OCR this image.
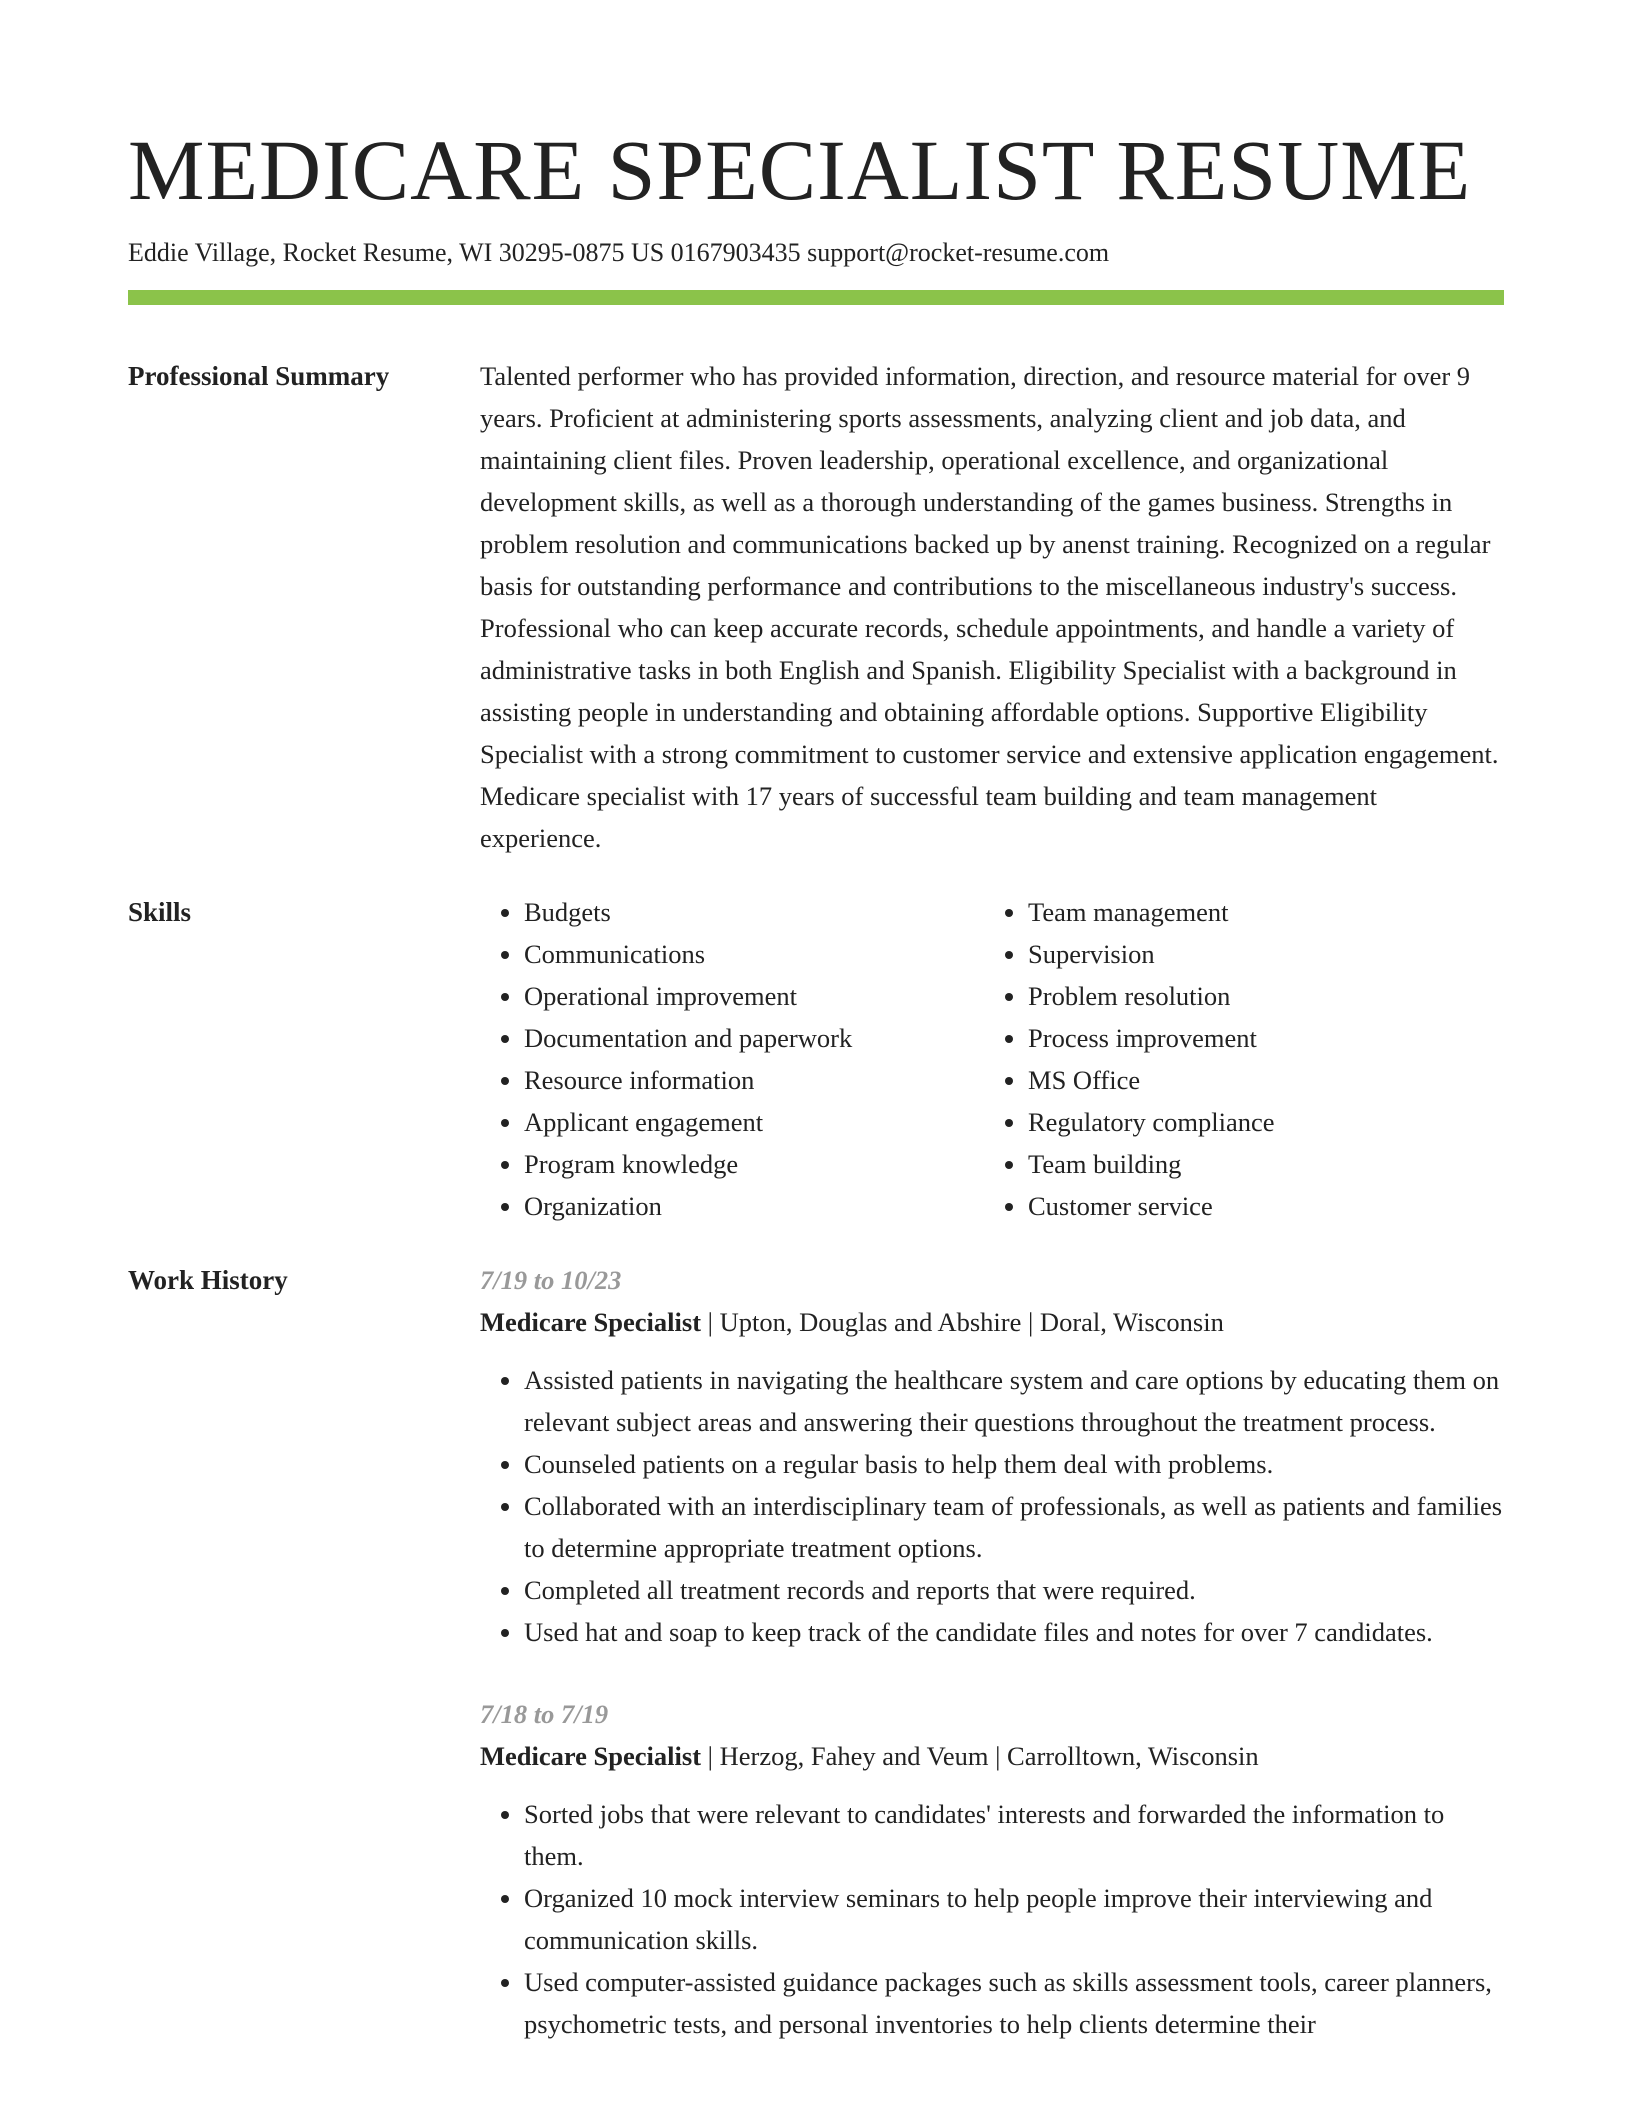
MEDICARE SPECIALIST RESUME
Eddie Village, Rocket Resume, WI 30295-0875 US 0167903435 support@rocket-resume.com
Professional Summary	Talented performer who has provided information, direction, and resource material for over 9 years. Proficient at administering sports assessments, analyzing client and job data, and maintaining client files. Proven leadership, operational excellence, and organizational development skills, as well as a thorough understanding of the games business. Strengths in problem resolution and communications backed up by anenst training. Recognized on a regular basis for outstanding performance and contributions to the miscellaneous industry's success. Professional who can keep accurate records, schedule appointments, and handle a variety of administrative tasks in both English and Spanish. Eligibility Specialist with a background in assisting people in understanding and obtaining affordable options. Supportive Eligibility Specialist with a strong commitment to customer service and extensive application engagement. Medicare specialist with 17 years of successful team building and team management experience.

Skills
•	Budgets
• Communications
• Operational improvement
• Documentation and paperwork
• Resource information
• Applicant engagement
• Program knowledge
• Organization
• Team management
• Supervision
• Problem resolution
• Process improvement
• MS Office
• Regulatory compliance
• Team building
• Customer service
Work History	7/19 to 10/23
Medicare Specialist | Upton, Douglas and Abshire | Doral, Wisconsin
• Assisted patients in navigating the healthcare system and care options by educating them on relevant subject areas and answering their questions throughout the treatment process.
• Counseled patients on a regular basis to help them deal with problems.
• Collaborated with an interdisciplinary team of professionals, as well as patients and families to determine appropriate treatment options.
• Completed all treatment records and reports that were required.
• Used hat and soap to keep track of the candidate files and notes for over 7 candidates.
7/18 to 7/19
Medicare Specialist | Herzog, Fahey and Veum | Carrolltown, Wisconsin
• Sorted jobs that were relevant to candidates' interests and forwarded the information to them.
• Organized 10 mock interview seminars to help people improve their interviewing and communication skills.
• Used computer-assisted guidance packages such as skills assessment tools, career planners, psychometric tests, and personal inventories to help clients determine their
